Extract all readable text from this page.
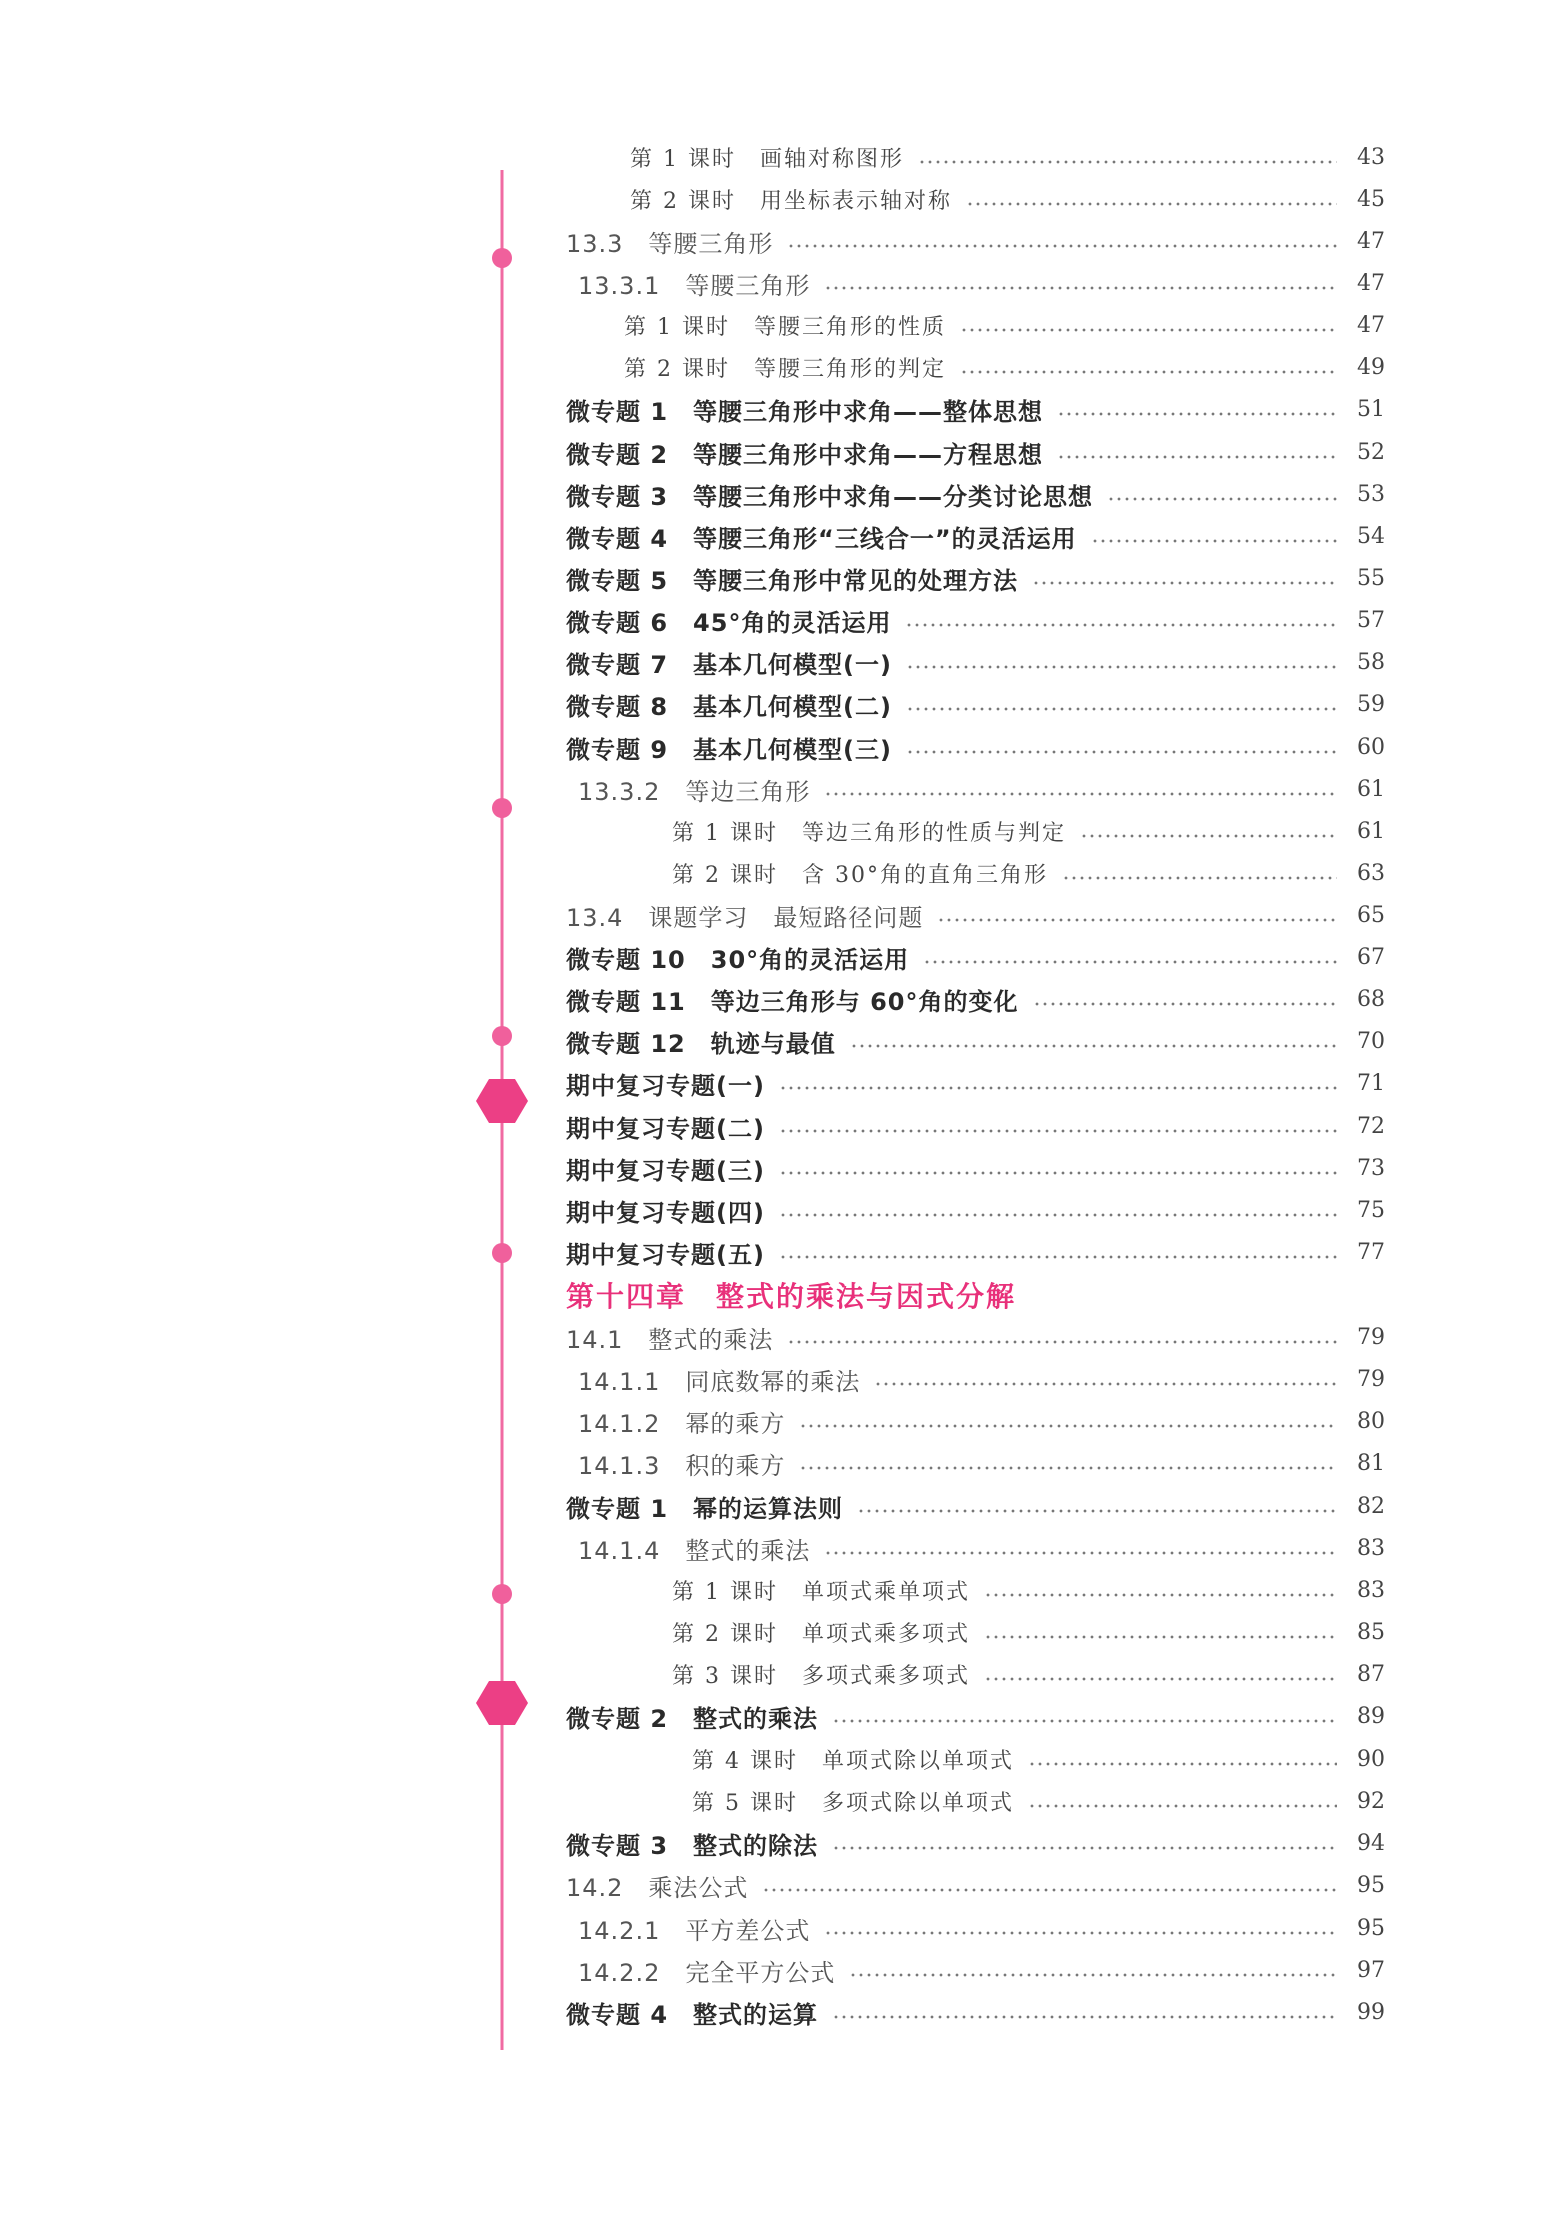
第 1 课时　画轴对称图形	43
第 2 课时　用坐标表示轴对称	45
13.3　等腰三角形	47
13.3.1　等腰三角形	47
第 1 课时　等腰三角形的性质	47
第 2 课时　等腰三角形的判定	49
微专题 1　等腰三角形中求角——整体思想	51
微专题 2　等腰三角形中求角——方程思想	52
微专题 3　等腰三角形中求角——分类讨论思想	53
微专题 4　等腰三角形“三线合一”的灵活运用	54
微专题 5　等腰三角形中常见的处理方法	55
微专题 6　45°角的灵活运用	57
微专题 7　基本几何模型(一)	58
微专题 8　基本几何模型(二)	59
微专题 9　基本几何模型(三)	60
13.3.2　等边三角形	61
第 1 课时　等边三角形的性质与判定	61
第 2 课时　含 30°角的直角三角形	63
13.4　课题学习　最短路径问题	65
微专题 10　30°角的灵活运用	67
微专题 11　等边三角形与 60°角的变化	68
微专题 12　轨迹与最值	70
期中复习专题(一)	71
期中复习专题(二)	72
期中复习专题(三)	73
期中复习专题(四)	75
期中复习专题(五)	77
第十四章　整式的乘法与因式分解
14.1　整式的乘法	79
14.1.1　同底数幂的乘法	79
14.1.2　幂的乘方	80
14.1.3　积的乘方	81
微专题 1　幂的运算法则	82
14.1.4　整式的乘法	83
第 1 课时　单项式乘单项式	83
第 2 课时　单项式乘多项式	85
第 3 课时　多项式乘多项式	87
微专题 2　整式的乘法	89
第 4 课时　单项式除以单项式	90
第 5 课时　多项式除以单项式	92
微专题 3　整式的除法	94
14.2　乘法公式	95
14.2.1　平方差公式	95
14.2.2　完全平方公式	97
微专题 4　整式的运算	99
